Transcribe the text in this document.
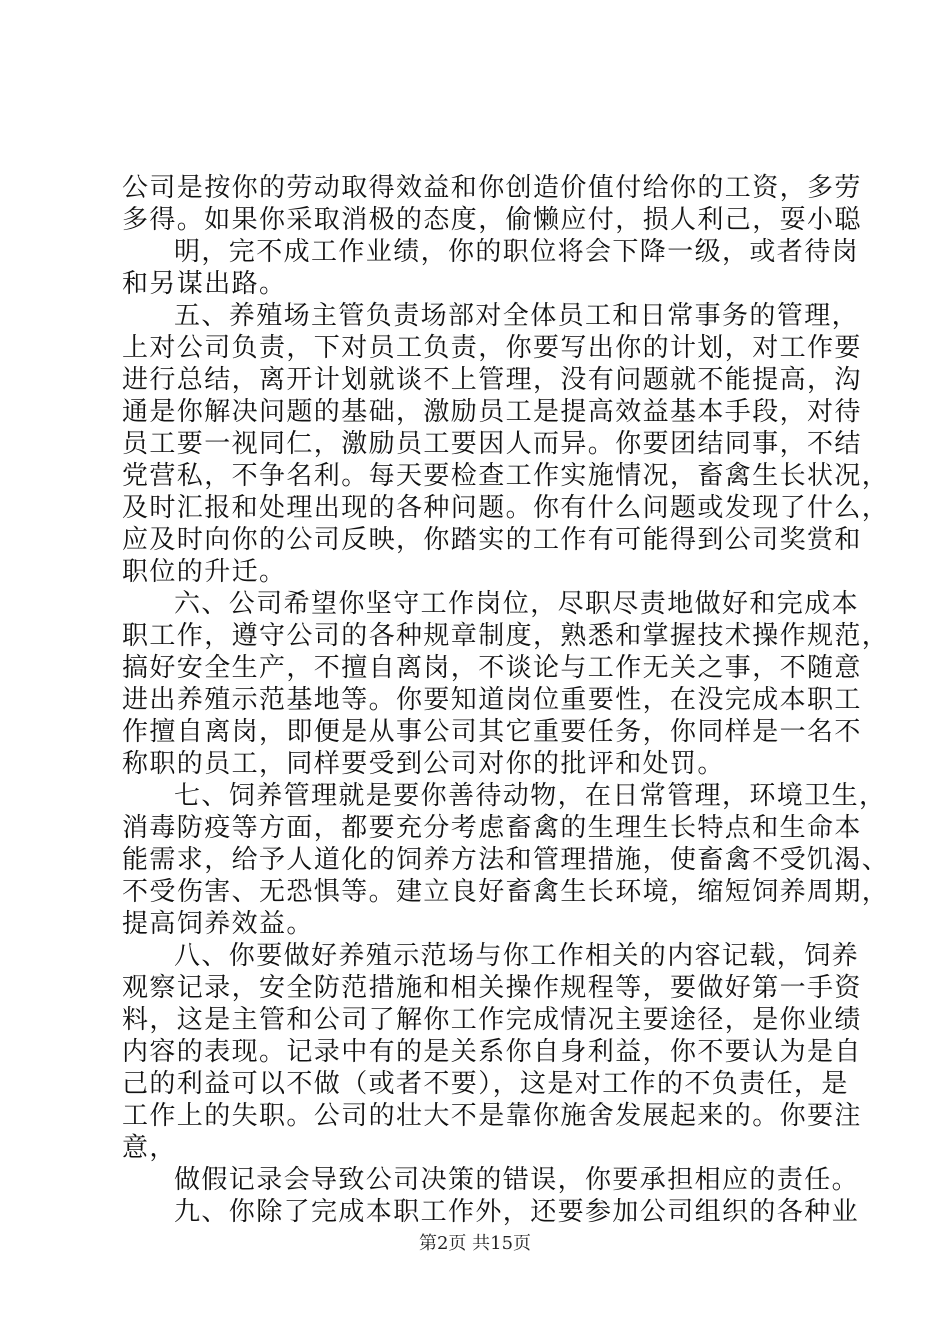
公司是按你的劳动取得效益和你创造价值付给你的工资，多劳
多得。如果你采取消极的态度，偷懒应付，损人利己，耍小聪
明，完不成工作业绩，你的职位将会下降一级，或者待岗
和另谋出路。
五、养殖场主管负责场部对全体员工和日常事务的管理，
上对公司负责，下对员工负责，你要写出你的计划，对工作要
进行总结，离开计划就谈不上管理，没有问题就不能提高，沟
通是你解决问题的基础，激励员工是提高效益基本手段，对待
员工要一视同仁，激励员工要因人而异。你要团结同事，不结
党营私，不争名利。每天要检查工作实施情况，畜禽生长状况，
及时汇报和处理出现的各种问题。你有什么问题或发现了什么，
应及时向你的公司反映，你踏实的工作有可能得到公司奖赏和
职位的升迁。
六、公司希望你坚守工作岗位，尽职尽责地做好和完成本
职工作，遵守公司的各种规章制度，熟悉和掌握技术操作规范，
搞好安全生产，不擅自离岗，不谈论与工作无关之事，不随意
进出养殖示范基地等。你要知道岗位重要性，在没完成本职工
作擅自离岗，即便是从事公司其它重要任务，你同样是一名不
称职的员工，同样要受到公司对你的批评和处罚。
七、饲养管理就是要你善待动物，在日常管理，环境卫生，
消毒防疫等方面，都要充分考虑畜禽的生理生长特点和生命本
能需求，给予人道化的饲养方法和管理措施，使畜禽不受饥渴、
不受伤害、无恐惧等。建立良好畜禽生长环境，缩短饲养周期，
提高饲养效益。
八、你要做好养殖示范场与你工作相关的内容记载，饲养
观察记录，安全防范措施和相关操作规程等，要做好第一手资
料，这是主管和公司了解你工作完成情况主要途径，是你业绩
内容的表现。记录中有的是关系你自身利益，你不要认为是自
己的利益可以不做（或者不要），这是对工作的不负责任，是
工作上的失职。公司的壮大不是靠你施舍发展起来的。你要注
意，
做假记录会导致公司决策的错误，你要承担相应的责任。
九、你除了完成本职工作外，还要参加公司组织的各种业
第2页 共15页
